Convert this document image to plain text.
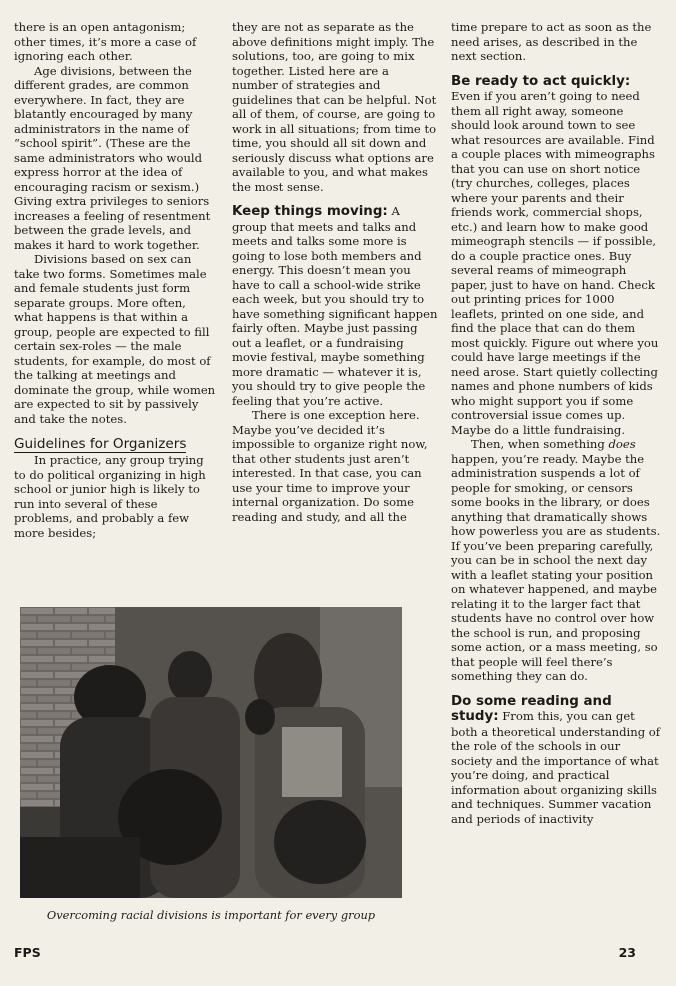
there is an open antagonism; other times, it’s more a case of ignoring each other.

Age divisions, between the different grades, are common everywhere. In fact, they are blatantly encouraged by many administrators in the name of “school spirit”. (These are the same administrators who would express horror at the idea of encouraging racism or sexism.) Giving extra privileges to seniors increases a feeling of resentment between the grade levels, and makes it hard to work together.

Divisions based on sex can take two forms. Sometimes male and female students just form separate groups. More often, what happens is that within a group, people are expected to fill certain sex-roles — the male students, for example, do most of the talking at meetings and dominate the group, while women are expected to sit by passively and take the notes.

Guidelines for Organizers

In practice, any group trying to do political organizing in high school or junior high is likely to run into several of these problems, and probably a few more besides;

they are not as separate as the above definitions might imply. The solutions, too, are going to mix together. Listed here are a number of strategies and guidelines that can be helpful. Not all of them, of course, are going to work in all situations; from time to time, you should all sit down and seriously discuss what options are available to you, and what makes the most sense.

Keep things moving: A group that meets and talks and meets and talks some more is going to lose both members and energy. This doesn’t mean you have to call a school-wide strike each week, but you should try to have something significant happen fairly often. Maybe just passing out a leaflet, or a fundraising movie festival, maybe something more dramatic — whatever it is, you should try to give people the feeling that you’re active.

There is one exception here. Maybe you’ve decided it’s impossible to organize right now, that other students just aren’t interested. In that case, you can use your time to improve your internal organization. Do some reading and study, and all the

time prepare to act as soon as the need arises, as described in the next section.

Be ready to act quickly: Even if you aren’t going to need them all right away, someone should look around town to see what resources are available. Find a couple places with mimeographs that you can use on short notice (try churches, colleges, places where your parents and their friends work, commercial shops, etc.) and learn how to make good mimeograph stencils — if possible, do a couple practice ones. Buy several reams of mimeograph paper, just to have on hand. Check out printing prices for 1000 leaflets, printed on one side, and find the place that can do them most quickly. Figure out where you could have large meetings if the need arose. Start quietly collecting names and phone numbers of kids who might support you if some controversial issue comes up. Maybe do a little fundraising.

Then, when something does happen, you’re ready. Maybe the administration suspends a lot of people for smoking, or censors some books in the library, or does anything that dramatically shows how powerless you are as students. If you’ve been preparing carefully, you can be in school the next day with a leaflet stating your position on whatever happened, and maybe relating it to the larger fact that students have no control over how the school is run, and proposing some action, or a mass meeting, so that people will feel there’s something they can do.

Do some reading and study: From this, you can get both a theoretical understanding of the role of the schools in our society and the importance of what you’re doing, and practical information about organizing skills and techniques. Summer vacation and periods of inactivity

Overcoming racial divisions is important for every group
FPS	23
